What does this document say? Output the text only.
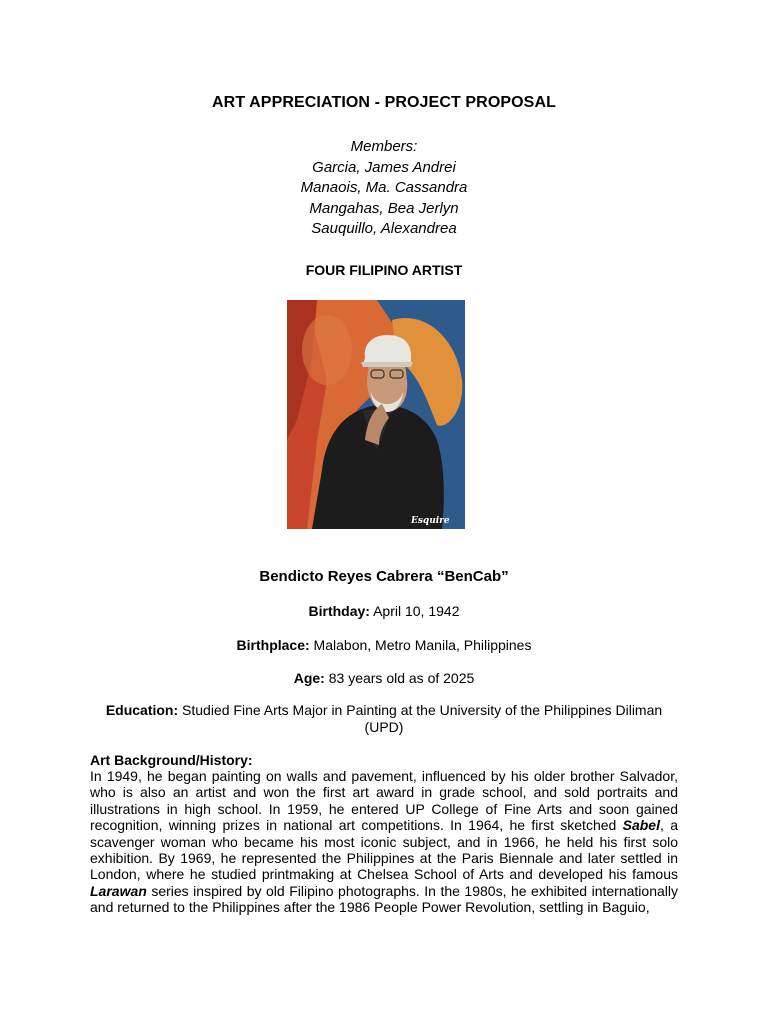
ART APPRECIATION - PROJECT PROPOSAL
Members:
Garcia, James Andrei
Manaois, Ma. Cassandra
Mangahas, Bea Jerlyn
Sauquillo, Alexandrea
FOUR FILIPINO ARTIST
Esquire
Bendicto Reyes Cabrera “BenCab”
Birthday: April 10, 1942
Birthplace: Malabon, Metro Manila, Philippines
Age: 83 years old as of 2025
Education: Studied Fine Arts Major in Painting at the University of the Philippines Diliman (UPD)
Art Background/History:
In 1949, he began painting on walls and pavement, influenced by his older brother Salvador, who is also an artist and won the first art award in grade school, and sold portraits and illustrations in high school. In 1959, he entered UP College of Fine Arts and soon gained recognition, winning prizes in national art competitions. In 1964, he first sketched Sabel, a scavenger woman who became his most iconic subject, and in 1966, he held his first solo exhibition. By 1969, he represented the Philippines at the Paris Biennale and later settled in London, where he studied printmaking at Chelsea School of Arts and developed his famous Larawan series inspired by old Filipino photographs. In the 1980s, he exhibited internationally and returned to the Philippines after the 1986 People Power Revolution, settling in Baguio,
